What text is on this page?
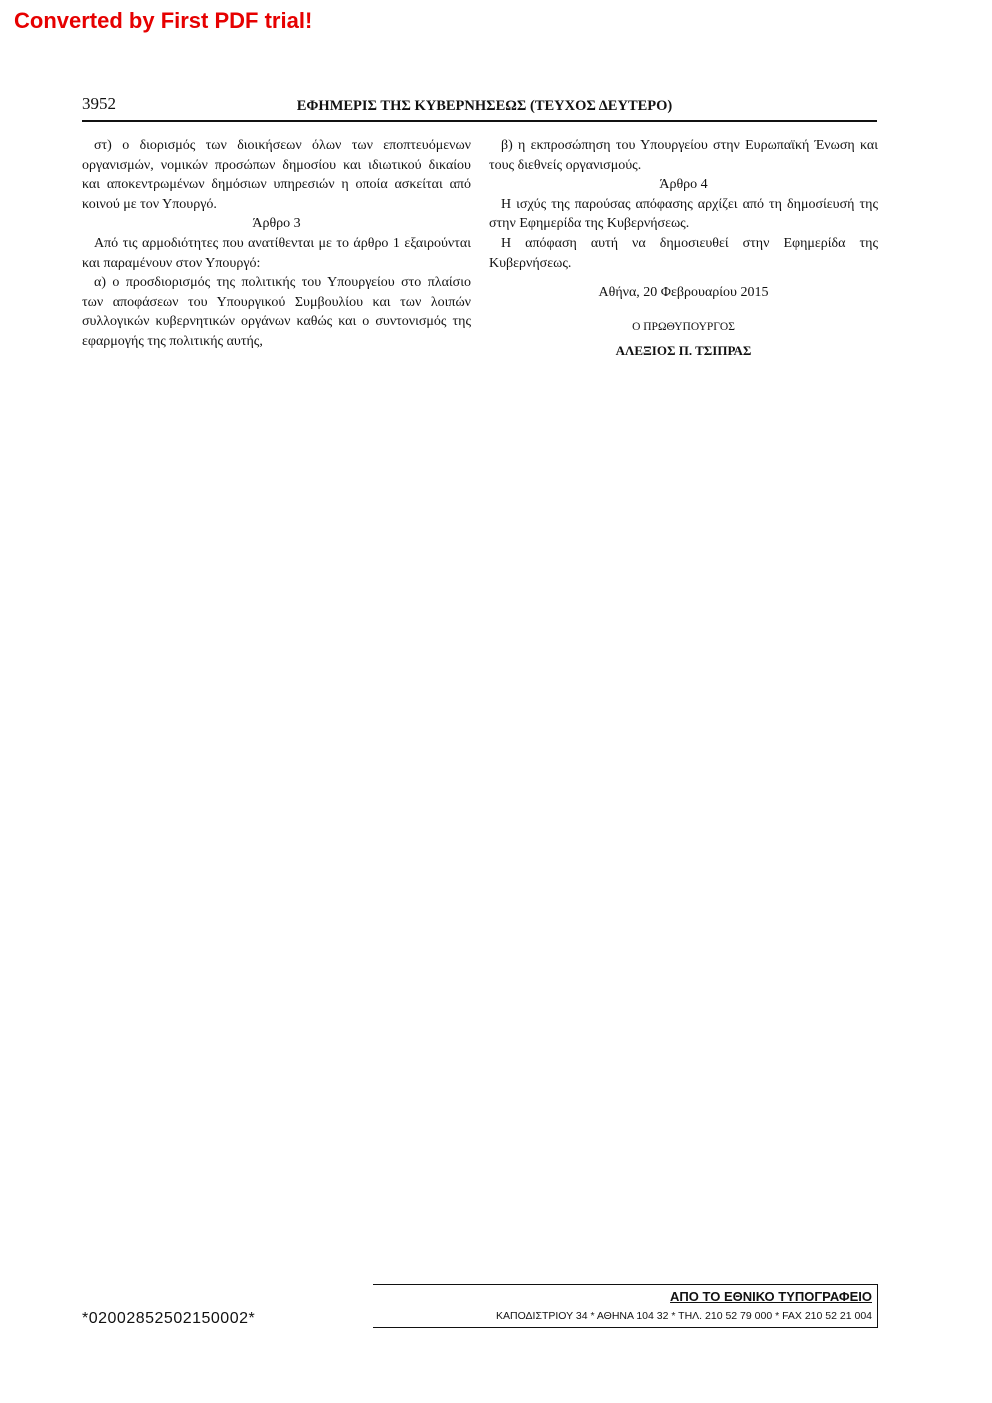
Converted by First PDF trial!
3952	ΕΦΗΜΕΡΙΣ ΤΗΣ ΚΥΒΕΡΝΗΣΕΩΣ (ΤΕΥΧΟΣ ΔΕΥΤΕΡΟ)

στ) ο διορισμός των διοικήσεων όλων των εποπτευόμενων οργανισμών, νομικών προσώπων δημοσίου και ιδιωτικού δικαίου και αποκεντρωμένων δημόσιων υπηρεσιών η οποία ασκείται από κοινού με τον Υπουργό.

Άρθρο 3

Από τις αρμοδιότητες που ανατίθενται με το άρθρο 1 εξαιρούνται και παραμένουν στον Υπουργό:

α) ο προσδιορισμός της πολιτικής του Υπουργείου στο πλαίσιο των αποφάσεων του Υπουργικού Συμβουλίου και των λοιπών συλλογικών κυβερνητικών οργάνων καθώς και ο συντονισμός της εφαρμογής της πολιτικής αυτής,

β) η εκπροσώπηση του Υπουργείου στην Ευρωπαϊκή Ένωση και τους διεθνείς οργανισμούς.

Άρθρο 4

Η ισχύς της παρούσας απόφασης αρχίζει από τη δημοσίευσή της στην Εφημερίδα της Κυβερνήσεως.

Η απόφαση αυτή να δημοσιευθεί στην Εφημερίδα της Κυβερνήσεως.

Αθήνα, 20 Φεβρουαρίου 2015

Ο ΠΡΩΘΥΠΟΥΡΓΟΣ
ΑΛΕΞΙΟΣ Π. ΤΣΙΠΡΑΣ
*02002852502150002*
ΑΠΟ ΤΟ ΕΘΝΙΚΟ ΤΥΠΟΓΡΑΦΕΙΟ
ΚΑΠΟΔΙΣΤΡΙΟΥ 34 * ΑΘΗΝΑ 104 32 * ΤΗΛ. 210 52 79 000 * FAX 210 52 21 004
